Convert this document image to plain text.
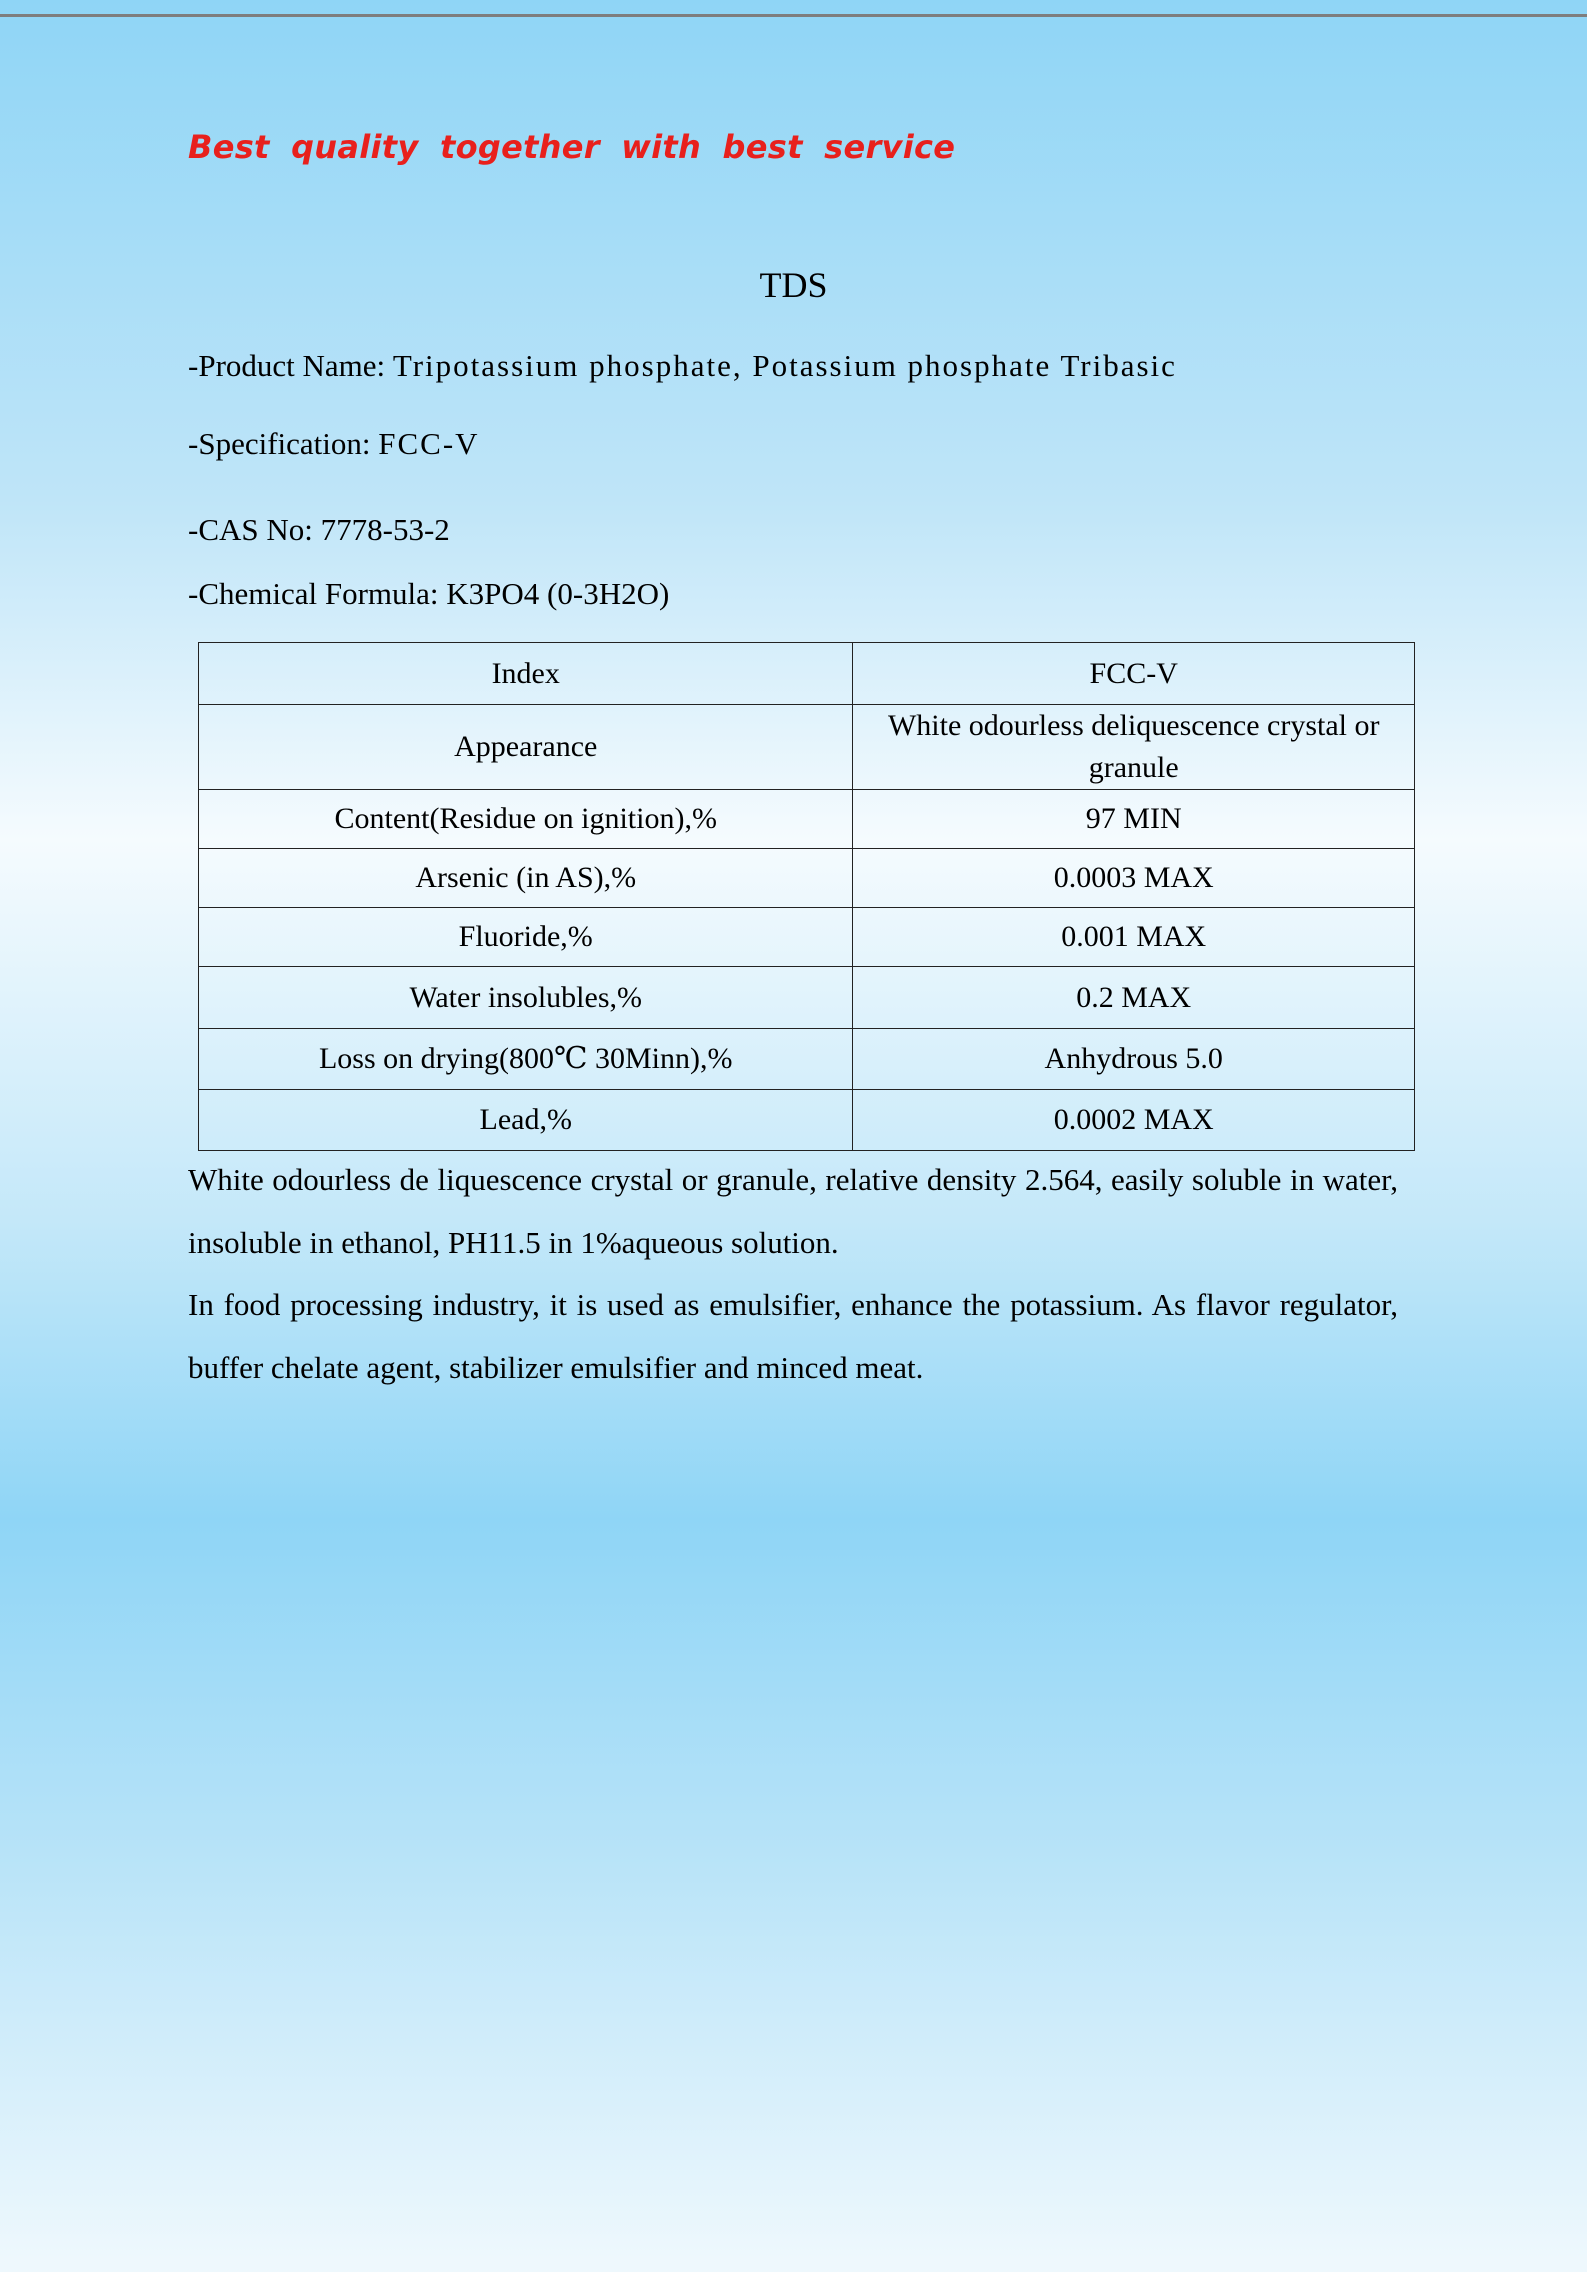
Best quality together with best service
TDS
-Product Name: Tripotassium phosphate, Potassium phosphate Tribasic
-Specification: FCC-V
-CAS No: 7778-53-2
-Chemical Formula: K3PO4 (0-3H2O)
Index	FCC-V
Appearance	White odourless deliquescence crystal or granule
Content(Residue on ignition),%	97 MIN
Arsenic (in AS),%	0.0003 MAX
Fluoride,%	0.001 MAX
Water insolubles,%	0.2 MAX
Loss on drying(800℃ 30Minn),%	Anhydrous 5.0
Lead,%	0.0002 MAX

White odourless de liquescence crystal or granule, relative density 2.564, easily soluble in water, insoluble in ethanol, PH11.5 in 1%aqueous solution.

In food processing industry, it is used as emulsifier, enhance the potassium. As flavor regulator, buffer chelate agent, stabilizer emulsifier and minced meat.
